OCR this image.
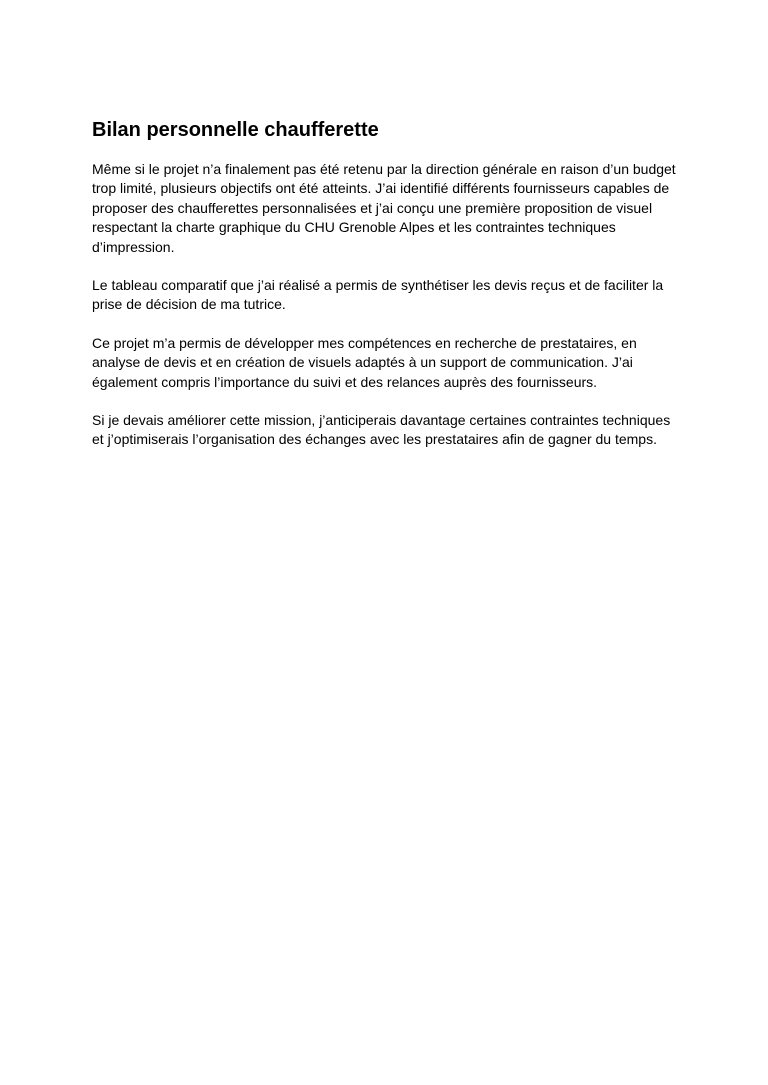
Bilan personnelle chaufferette

Même si le projet n’a finalement pas été retenu par la direction générale en raison d’un budget trop limité, plusieurs objectifs ont été atteints. J’ai identifié différents fournisseurs capables de proposer des chaufferettes personnalisées et j’ai conçu une première proposition de visuel respectant la charte graphique du CHU Grenoble Alpes et les contraintes techniques d’impression.

Le tableau comparatif que j’ai réalisé a permis de synthétiser les devis reçus et de faciliter la prise de décision de ma tutrice.

Ce projet m’a permis de développer mes compétences en recherche de prestataires, en analyse de devis et en création de visuels adaptés à un support de communication. J’ai également compris l’importance du suivi et des relances auprès des fournisseurs.

Si je devais améliorer cette mission, j’anticiperais davantage certaines contraintes techniques et j’optimiserais l’organisation des échanges avec les prestataires afin de gagner du temps.
